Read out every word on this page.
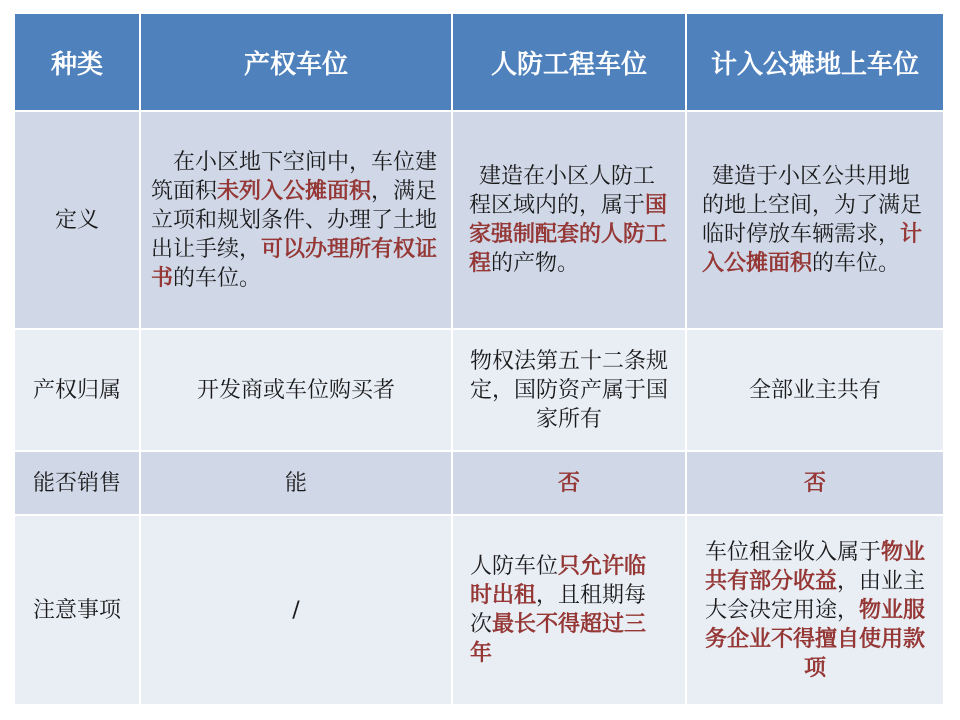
种类	产权车位	人防工程车位	计入公摊地上车位
定义	在小区地下空间中，车位建筑面积未列入公摊面积，满足立项和规划条件、办理了土地出让手续，可以办理所有权证书的车位。	建造在小区人防工程区域内的，属于国家强制配套的人防工程的产物。	建造于小区公共用地的地上空间，为了满足临时停放车辆需求，计入公摊面积的车位。
产权归属	开发商或车位购买者	物权法第五十二条规定，国防资产属于国家所有	全部业主共有
能否销售	能	否	否
注意事项	/	人防车位只允许临时出租，且租期每次最长不得超过三年	车位租金收入属于物业共有部分收益，由业主大会决定用途，物业服务企业不得擅自使用款项
